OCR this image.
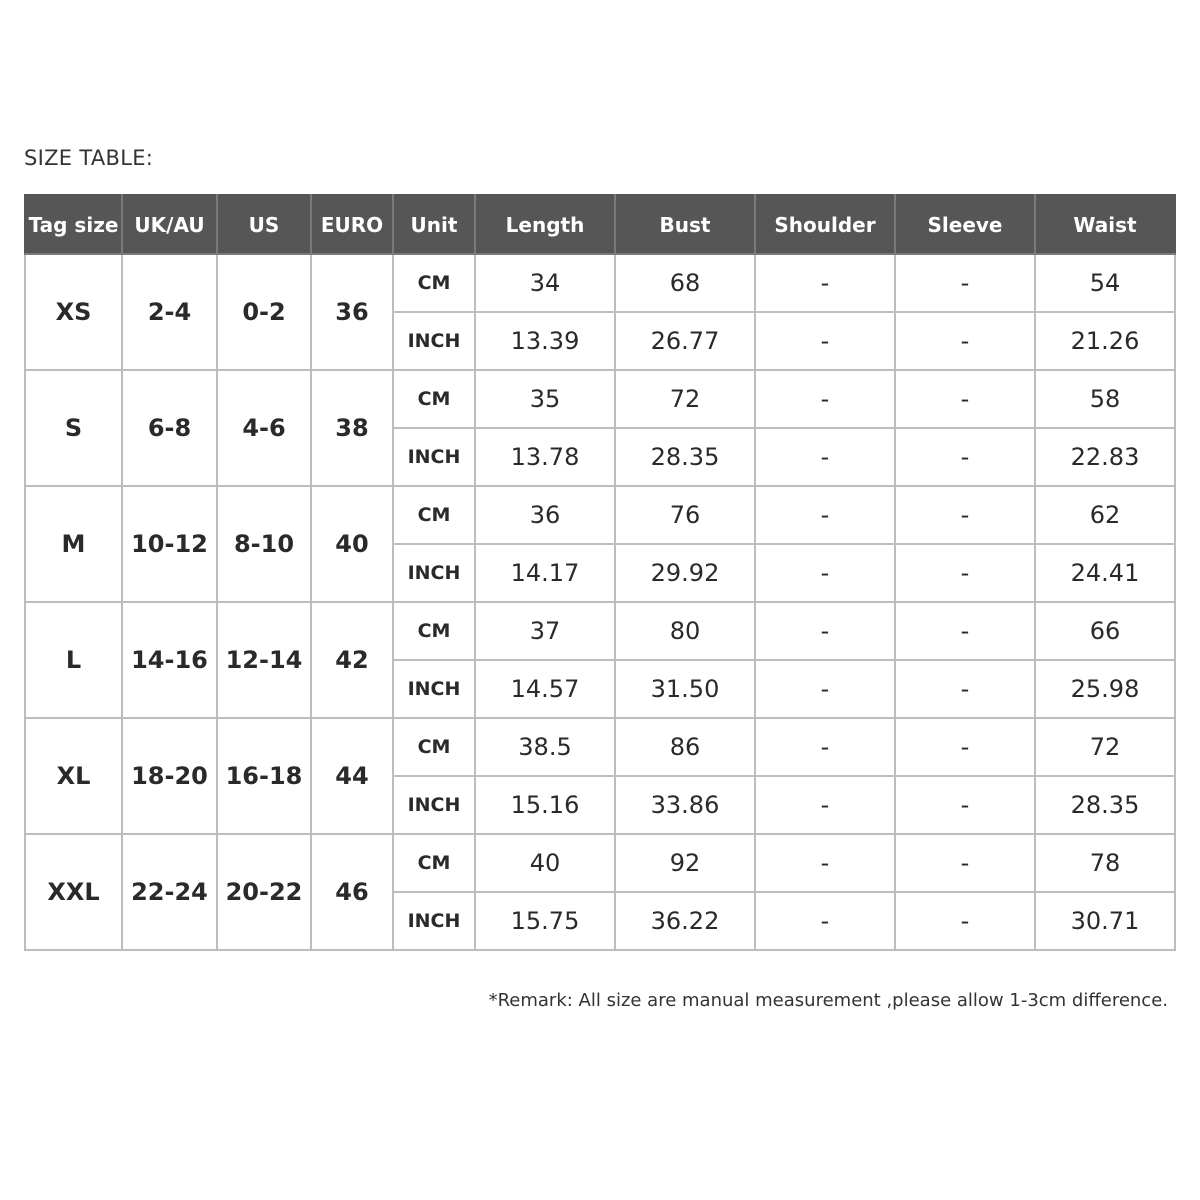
SIZE TABLE:
Tag size	UK/AU	US	EURO	Unit	Length	Bust	Shoulder	Sleeve	Waist
XS	2-4	0-2	36	CM	34	68	-	-	54
				INCH	13.39	26.77	-	-	21.26
S	6-8	4-6	38	CM	35	72	-	-	58
				INCH	13.78	28.35	-	-	22.83
M	10-12	8-10	40	CM	36	76	-	-	62
				INCH	14.17	29.92	-	-	24.41
L	14-16	12-14	42	CM	37	80	-	-	66
				INCH	14.57	31.50	-	-	25.98
XL	18-20	16-18	44	CM	38.5	86	-	-	72
				INCH	15.16	33.86	-	-	28.35
XXL	22-24	20-22	46	CM	40	92	-	-	78
				INCH	15.75	36.22	-	-	30.71
*Remark: All size are manual measurement ,please allow 1-3cm difference.
